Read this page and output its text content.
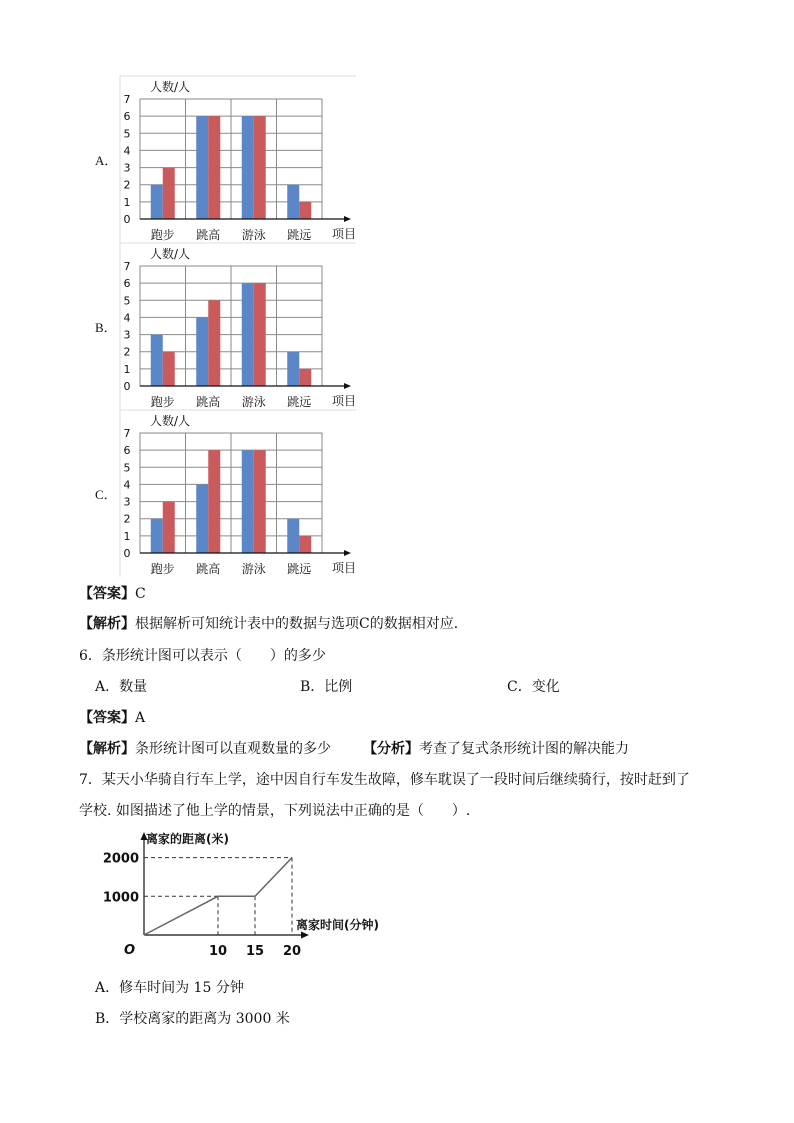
A．
跑步 跳高 游泳 跳远
0
1
2
3
4
5
6
7
项目
人数/人
B．
跑步 跳高 游泳 跳远
0
1
2
3
4
5
6
7
项目
人数/人
C．
跑步 跳高 游泳 跳远
0
1
2
3
4
5
6
7
项目
人数/人
【答案】C
【解析】根据解析可知统计表中的数据与选项C的数据相对应．
6．条形统计图可以表示（　　）的多少
A．数量	B．比例	C．变化
【答案】A
【解析】条形统计图可以直观数量的多少 【分析】考查了复式条形统计图的解决能力
7．某天小华骑自行车上学，途中因自行车发生故障，修车耽误了一段时间后继续骑行，按时赶到了
学校. 如图描述了他上学的情景，下列说法中正确的是（　　）.
离家的距离(米)
离家时间(分钟)
O
1000
2000
10 15 20
A．修车时间为 15 分钟
B．学校离家的距离为 3000 米
